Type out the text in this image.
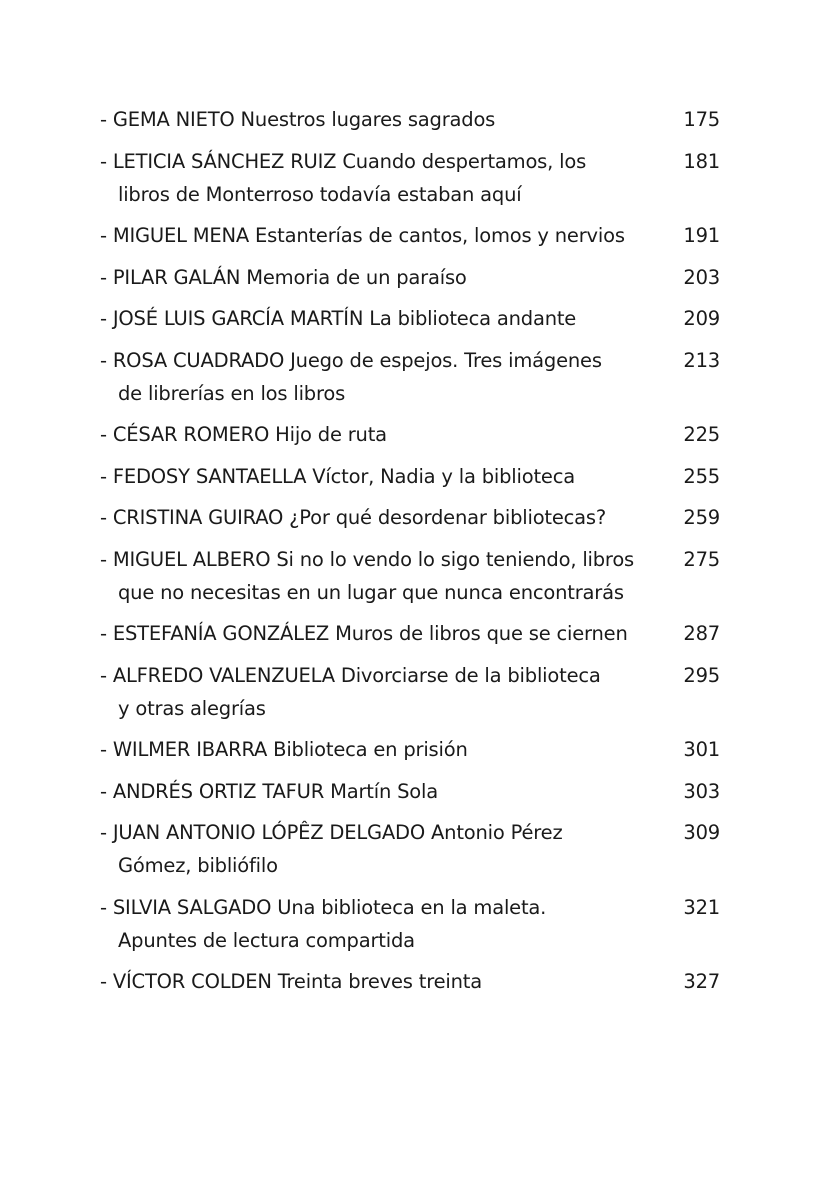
- GEMA NIETO Nuestros lugares sagrados	175
- LETICIA SÁNCHEZ RUIZ Cuando despertamos, los
libros de Monterroso todavía estaban aquí
181
- MIGUEL MENA Estanterías de cantos, lomos y nervios	191
- PILAR GALÁN Memoria de un paraíso	203
- JOSÉ LUIS GARCÍA MARTÍN La biblioteca andante	209
- ROSA CUADRADO Juego de espejos. Tres imágenes
de librerías en los libros
213
- CÉSAR ROMERO Hijo de ruta	225
- FEDOSY SANTAELLA Víctor, Nadia y la biblioteca	255
- CRISTINA GUIRAO ¿Por qué desordenar bibliotecas?	259
- MIGUEL ALBERO Si no lo vendo lo sigo teniendo, libros
que no necesitas en un lugar que nunca encontrarás
275
- ESTEFANÍA GONZÁLEZ Muros de libros que se ciernen	287
- ALFREDO VALENZUELA Divorciarse de la biblioteca
y otras alegrías
295
- WILMER IBARRA Biblioteca en prisión	301
- ANDRÉS ORTIZ TAFUR Martín Sola	303
- JUAN ANTONIO LÓPÊZ DELGADO Antonio Pérez
Gómez, bibliófilo
309
- SILVIA SALGADO Una biblioteca en la maleta.
Apuntes de lectura compartida
321
- VÍCTOR COLDEN Treinta breves treinta	327
